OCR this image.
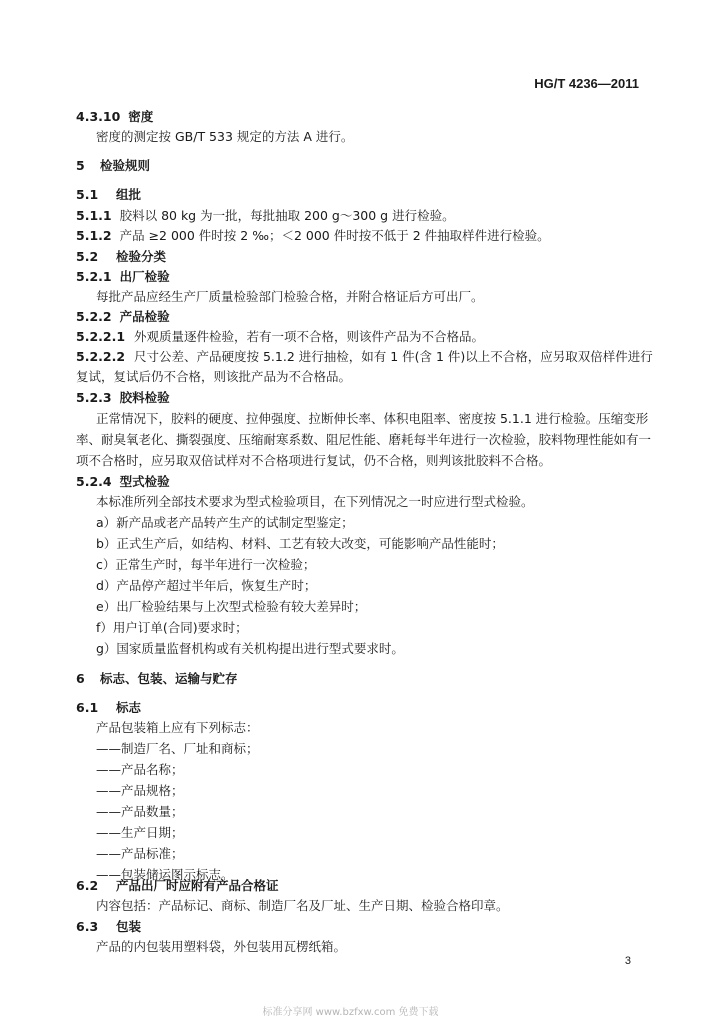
HG/T 4236—2011
4.3.10 密度
密度的测定按 GB/T 533 规定的方法 A 进行。
5 检验规则
5.1 组批
5.1.1 胶料以 80 kg 为一批，每批抽取 200 g～300 g 进行检验。
5.1.2 产品 ≥2 000 件时按 2 ‰；＜2 000 件时按不低于 2 件抽取样件进行检验。
5.2 检验分类
5.2.1 出厂检验
每批产品应经生产厂质量检验部门检验合格，并附合格证后方可出厂。
5.2.2 产品检验
5.2.2.1 外观质量逐件检验，若有一项不合格，则该件产品为不合格品。
5.2.2.2 尺寸公差、产品硬度按 5.1.2 进行抽检，如有 1 件(含 1 件)以上不合格，应另取双倍样件进行
复试，复试后仍不合格，则该批产品为不合格品。
5.2.3 胶料检验
正常情况下，胶料的硬度、拉伸强度、拉断伸长率、体积电阻率、密度按 5.1.1 进行检验。压缩变形
率、耐臭氧老化、撕裂强度、压缩耐寒系数、阻尼性能、磨耗每半年进行一次检验，胶料物理性能如有一
项不合格时，应另取双倍试样对不合格项进行复试，仍不合格，则判该批胶料不合格。
5.2.4 型式检验
本标准所列全部技术要求为型式检验项目，在下列情况之一时应进行型式检验。
a）新产品或老产品转产生产的试制定型鉴定；
b）正式生产后，如结构、材料、工艺有较大改变，可能影响产品性能时；
c）正常生产时，每半年进行一次检验；
d）产品停产超过半年后，恢复生产时；
e）出厂检验结果与上次型式检验有较大差异时；
f）用户订单(合同)要求时；
g）国家质量监督机构或有关机构提出进行型式要求时。
6 标志、包装、运输与贮存
6.1 标志
产品包装箱上应有下列标志：
——制造厂名、厂址和商标；
——产品名称；
——产品规格；
——产品数量；
——生产日期；
——产品标准；
——包装储运图示标志。
6.2 产品出厂时应附有产品合格证
内容包括：产品标记、商标、制造厂名及厂址、生产日期、检验合格印章。
6.3 包装
产品的内包装用塑料袋，外包装用瓦楞纸箱。
3
标准分享网 www.bzfxw.com 免费下载
